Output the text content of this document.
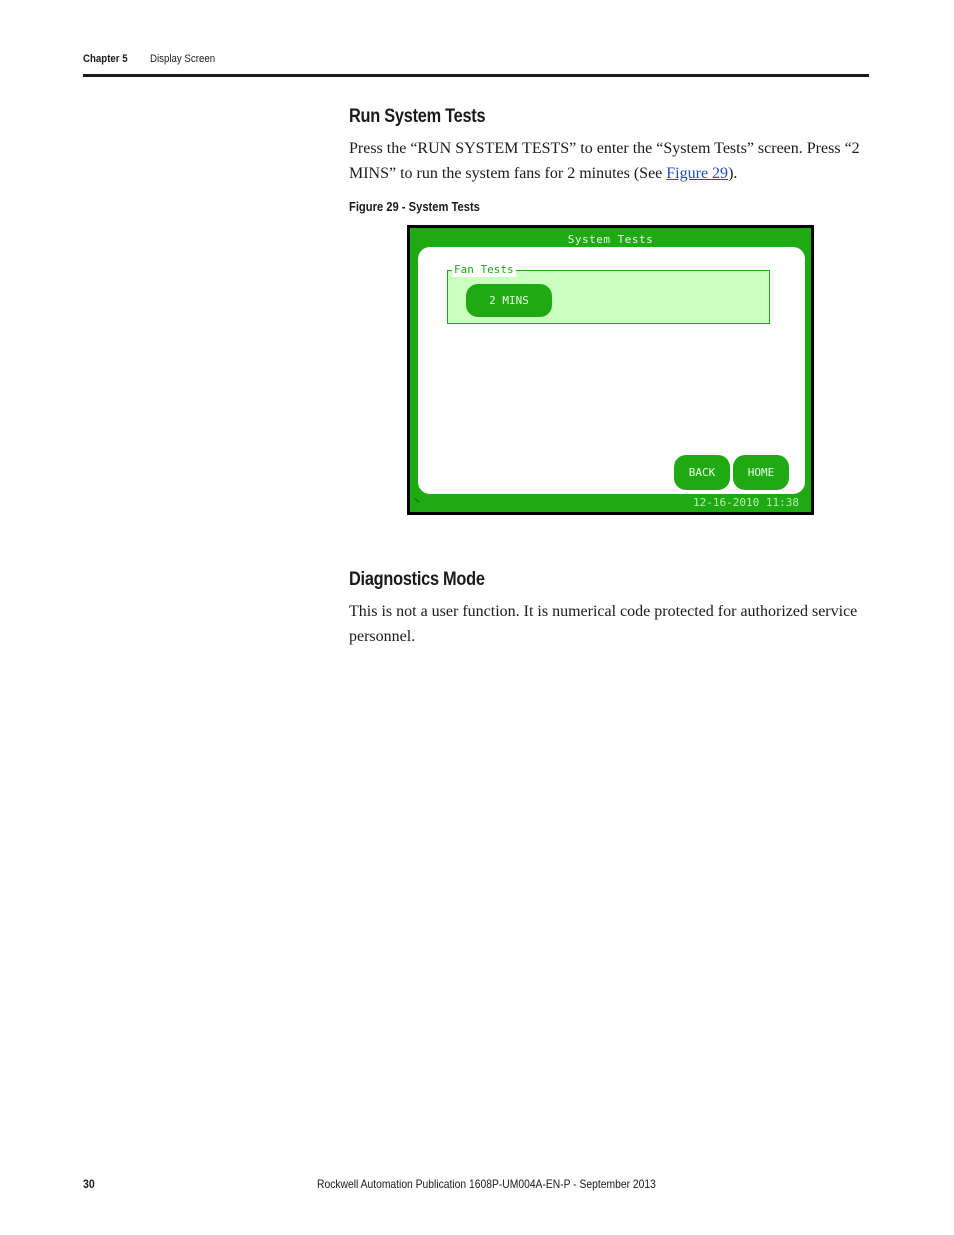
Chapter 5 Display Screen
Run System Tests
Press the “RUN SYSTEM TESTS” to enter the “System Tests” screen. Press “2 MINS” to run the system fans for 2 minutes (See Figure 29).
Figure 29 - System Tests
System Tests
Fan Tests
2 MINS
BACK	HOME
12-16-2010 11:38
Diagnostics Mode
This is not a user function. It is numerical code protected for authorized service personnel.
30	Rockwell Automation Publication 1608P-UM004A-EN-P - September 2013
